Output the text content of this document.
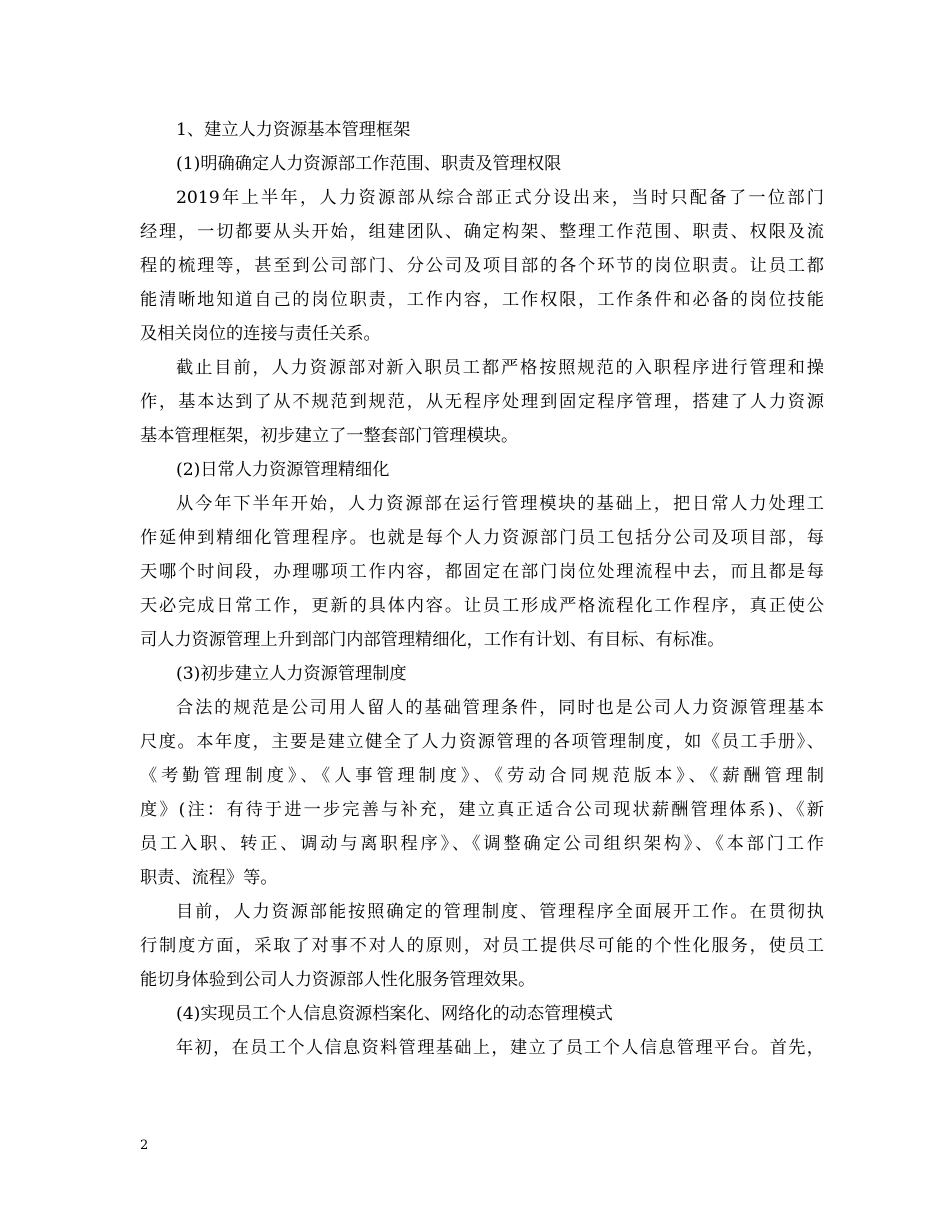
1、建立人力资源基本管理框架
(1)明确确定人力资源部工作范围、职责及管理权限
2019年上半年，人力资源部从综合部正式分设出来，当时只配备了一位部门
经理，一切都要从头开始，组建团队、确定构架、整理工作范围、职责、权限及流
程的梳理等，甚至到公司部门、分公司及项目部的各个环节的岗位职责。让员工都
能清晰地知道自己的岗位职责，工作内容，工作权限，工作条件和必备的岗位技能
及相关岗位的连接与责任关系。
截止目前，人力资源部对新入职员工都严格按照规范的入职程序进行管理和操
作，基本达到了从不规范到规范，从无程序处理到固定程序管理，搭建了人力资源
基本管理框架，初步建立了一整套部门管理模块。
(2)日常人力资源管理精细化
从今年下半年开始，人力资源部在运行管理模块的基础上，把日常人力处理工
作延伸到精细化管理程序。也就是每个人力资源部门员工包括分公司及项目部，每
天哪个时间段，办理哪项工作内容，都固定在部门岗位处理流程中去，而且都是每
天必完成日常工作，更新的具体内容。让员工形成严格流程化工作程序，真正使公
司人力资源管理上升到部门内部管理精细化，工作有计划、有目标、有标准。
(3)初步建立人力资源管理制度
合法的规范是公司用人留人的基础管理条件，同时也是公司人力资源管理基本
尺度。本年度，主要是建立健全了人力资源管理的各项管理制度，如《员工手册》、
《考勤管理制度》、《人事管理制度》、《劳动合同规范版本》、《薪酬管理制
度》(注：有待于进一步完善与补充，建立真正适合公司现状薪酬管理体系)、《新
员工入职、转正、调动与离职程序》、《调整确定公司组织架构》、《本部门工作
职责、流程》等。
目前，人力资源部能按照确定的管理制度、管理程序全面展开工作。在贯彻执
行制度方面，采取了对事不对人的原则，对员工提供尽可能的个性化服务，使员工
能切身体验到公司人力资源部人性化服务管理效果。
(4)实现员工个人信息资源档案化、网络化的动态管理模式
年初，在员工个人信息资料管理基础上，建立了员工个人信息管理平台。首先，
2
